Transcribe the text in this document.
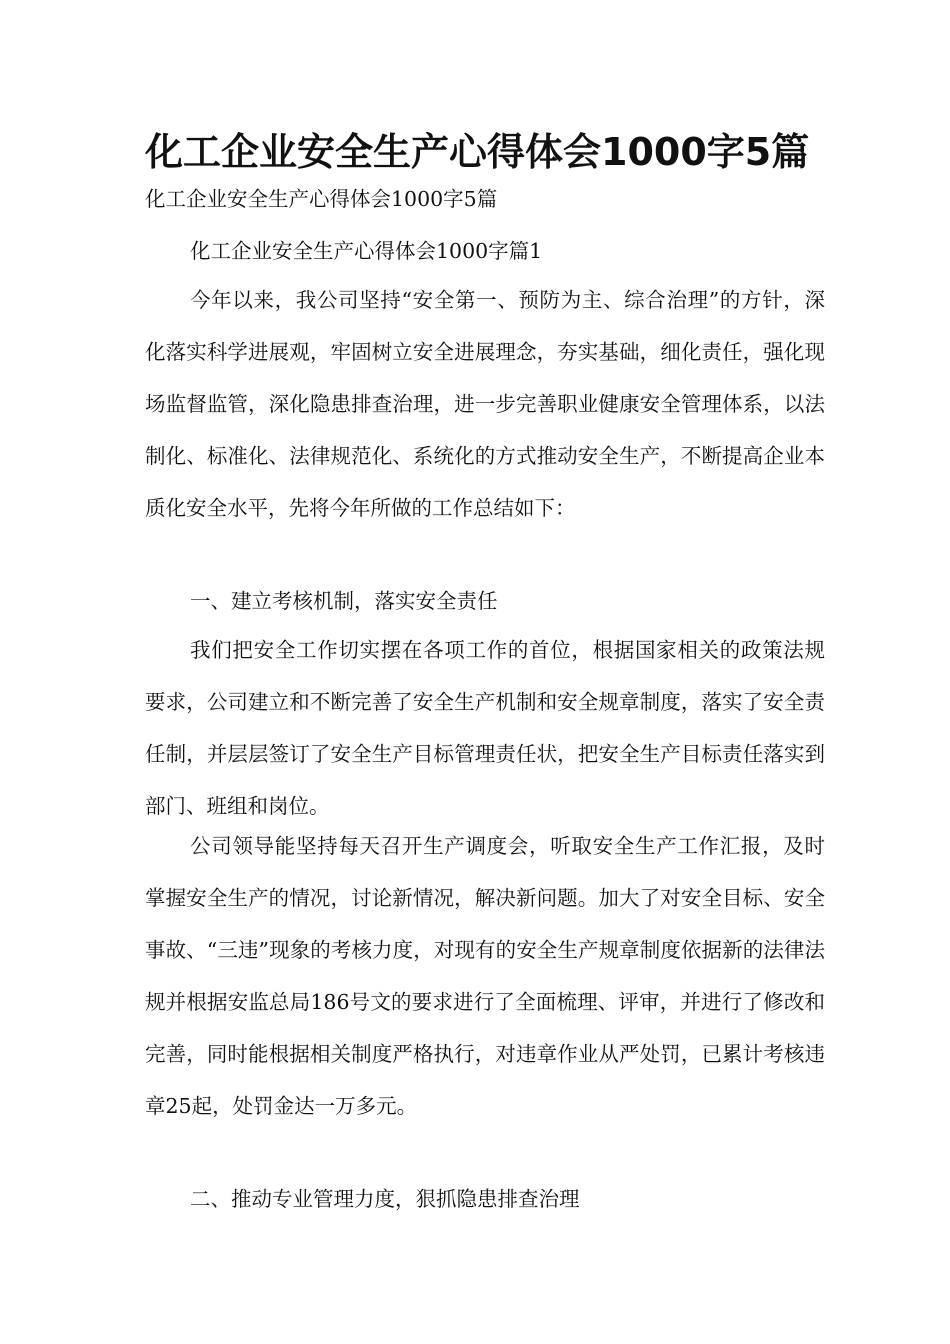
化工企业安全生产心得体会1000字5篇

化工企业安全生产心得体会1000字5篇

化工企业安全生产心得体会1000字篇1

今年以来，我公司坚持“安全第一、预防为主、综合治理”的方针，深化落实科学进展观，牢固树立安全进展理念，夯实基础，细化责任，强化现场监督监管，深化隐患排查治理，进一步完善职业健康安全管理体系，以法制化、标准化、法律规范化、系统化的方式推动安全生产，不断提高企业本质化安全水平，先将今年所做的工作总结如下：

一、建立考核机制，落实安全责任

我们把安全工作切实摆在各项工作的首位，根据国家相关的政策法规要求，公司建立和不断完善了安全生产机制和安全规章制度，落实了安全责任制，并层层签订了安全生产目标管理责任状，把安全生产目标责任落实到部门、班组和岗位。

公司领导能坚持每天召开生产调度会，听取安全生产工作汇报，及时掌握安全生产的情况，讨论新情况，解决新问题。加大了对安全目标、安全事故、“三违”现象的考核力度，对现有的安全生产规章制度依据新的法律法规并根据安监总局186号文的要求进行了全面梳理、评审，并进行了修改和完善，同时能根据相关制度严格执行，对违章作业从严处罚，已累计考核违章25起，处罚金达一万多元。

二、推动专业管理力度，狠抓隐患排查治理
